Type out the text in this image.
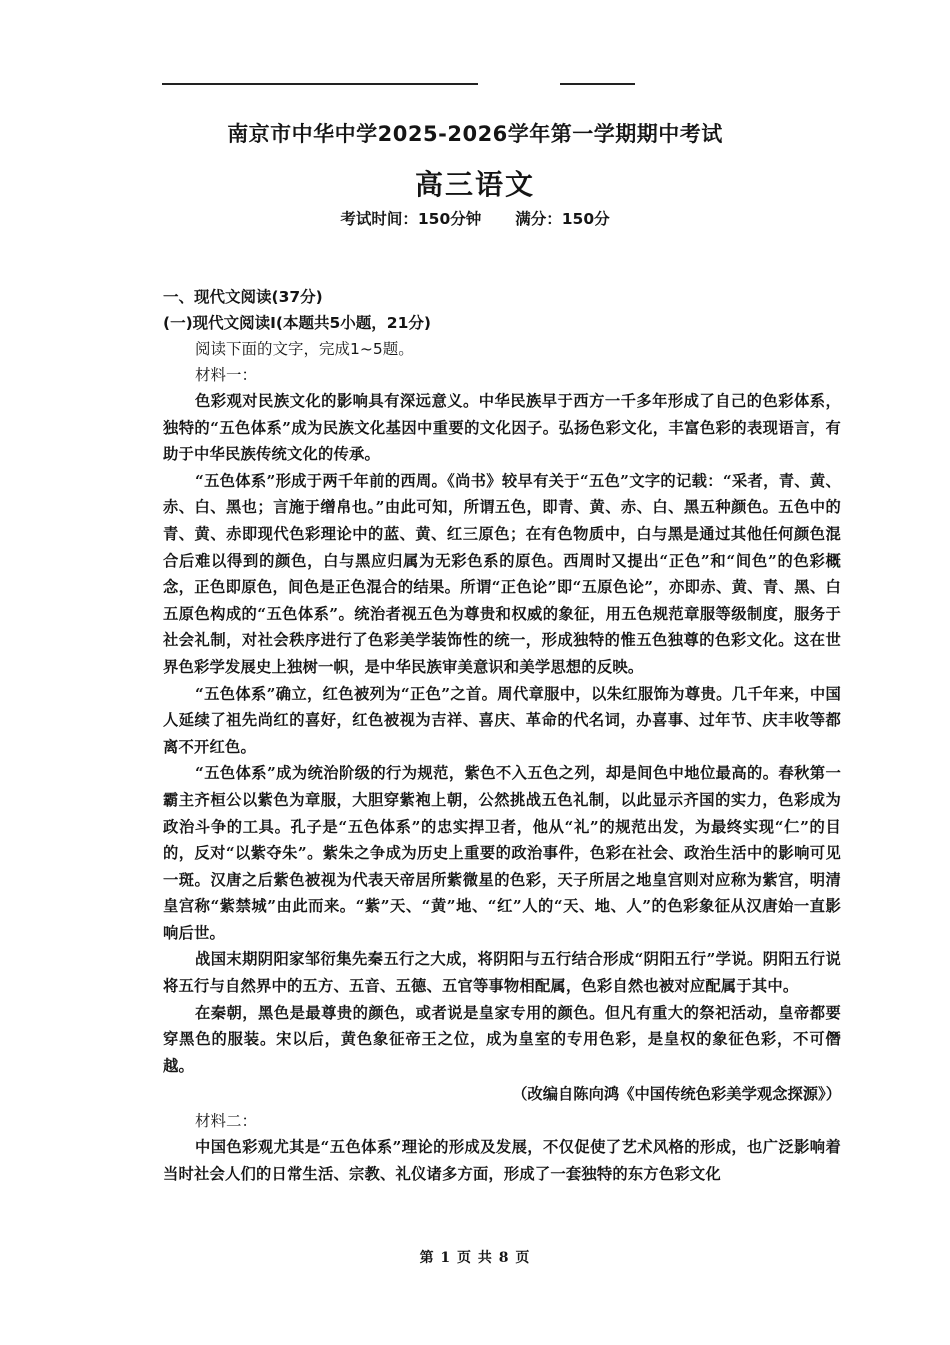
南京市中华中学2025-2026学年第一学期期中考试
高三语文
考试时间：150分钟 满分：150分

一、现代文阅读(37分)

(一)现代文阅读Ⅰ(本题共5小题，21分)

阅读下面的文字，完成1~5题。

材料一：

色彩观对民族文化的影响具有深远意义。中华民族早于西方一千多年形成了自己的色彩体系，独特的“五色体系”成为民族文化基因中重要的文化因子。弘扬色彩文化，丰富色彩的表现语言，有助于中华民族传统文化的传承。

“五色体系”形成于两千年前的西周。《尚书》较早有关于“五色”文字的记载：“采者，青、黄、赤、白、黑也；言施于缯帛也。”由此可知，所谓五色，即青、黄、赤、白、黑五种颜色。五色中的青、黄、赤即现代色彩理论中的蓝、黄、红三原色；在有色物质中，白与黑是通过其他任何颜色混合后难以得到的颜色，白与黑应归属为无彩色系的原色。西周时又提出“正色”和“间色”的色彩概念，正色即原色，间色是正色混合的结果。所谓“正色论”即“五原色论”，亦即赤、黄、青、黑、白五原色构成的“五色体系”。统治者视五色为尊贵和权威的象征，用五色规范章服等级制度，服务于社会礼制，对社会秩序进行了色彩美学装饰性的统一，形成独特的惟五色独尊的色彩文化。这在世界色彩学发展史上独树一帜，是中华民族审美意识和美学思想的反映。

“五色体系”确立，红色被列为“正色”之首。周代章服中，以朱红服饰为尊贵。几千年来，中国人延续了祖先尚红的喜好，红色被视为吉祥、喜庆、革命的代名词，办喜事、过年节、庆丰收等都离不开红色。

“五色体系”成为统治阶级的行为规范，紫色不入五色之列，却是间色中地位最高的。春秋第一霸主齐桓公以紫色为章服，大胆穿紫袍上朝，公然挑战五色礼制，以此显示齐国的实力，色彩成为政治斗争的工具。孔子是“五色体系”的忠实捍卫者，他从“礼”的规范出发，为最终实现“仁”的目的，反对“以紫夺朱”。紫朱之争成为历史上重要的政治事件，色彩在社会、政治生活中的影响可见一斑。汉唐之后紫色被视为代表天帝居所紫微星的色彩，天子所居之地皇宫则对应称为紫宫，明清皇宫称“紫禁城”由此而来。“紫”天、“黄”地、“红”人的“天、地、人”的色彩象征从汉唐始一直影响后世。

战国末期阴阳家邹衍集先秦五行之大成，将阴阳与五行结合形成“阴阳五行”学说。阴阳五行说将五行与自然界中的五方、五音、五德、五官等事物相配属，色彩自然也被对应配属于其中。

在秦朝，黑色是最尊贵的颜色，或者说是皇家专用的颜色。但凡有重大的祭祀活动，皇帝都要穿黑色的服装。宋以后，黄色象征帝王之位，成为皇室的专用色彩，是皇权的象征色彩，不可僭越。

（改编自陈向鸿《中国传统色彩美学观念探源》）

材料二：

中国色彩观尤其是“五色体系”理论的形成及发展，不仅促使了艺术风格的形成，也广泛影响着当时社会人们的日常生活、宗教、礼仪诸多方面，形成了一套独特的东方色彩文化

第 1 页 共 8 页
